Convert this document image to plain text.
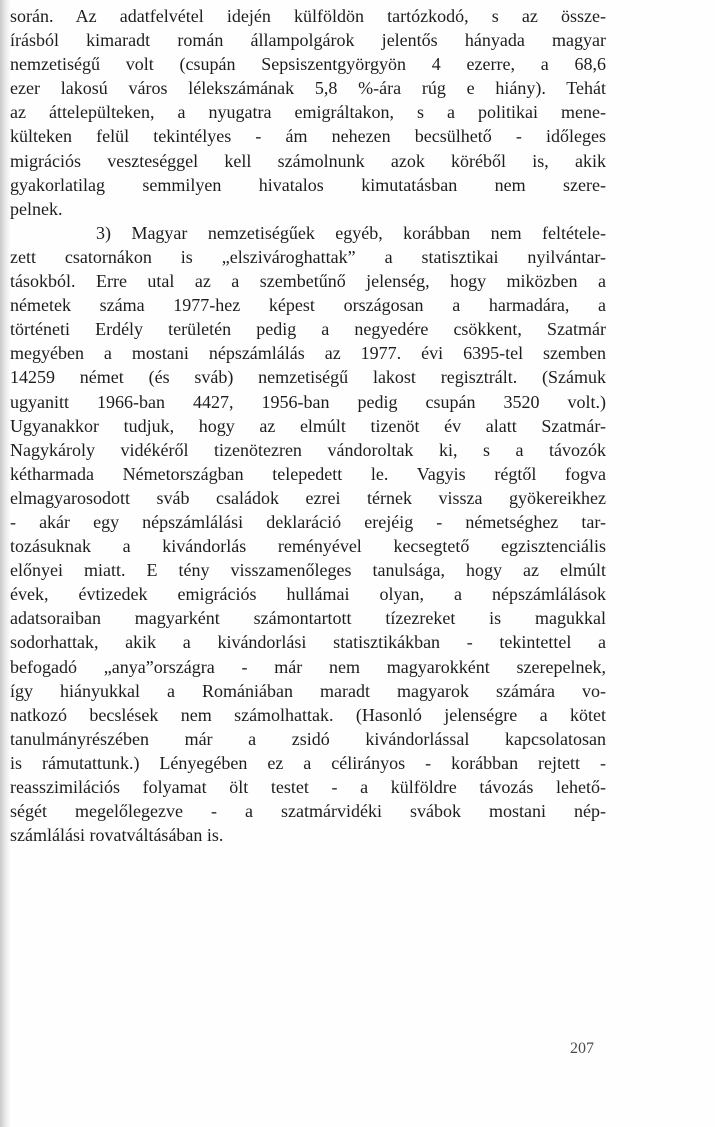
során. Az adatfelvétel idején külföldön tartózkodó, s az össze-
írásból kimaradt román állampolgárok jelentős hányada magyar
nemzetiségű volt (csupán Sepsiszentgyörgyön 4 ezerre, a 68,6
ezer lakosú város lélekszámának 5,8 %-ára rúg e hiány). Tehát
az áttelepülteken, a nyugatra emigráltakon, s a politikai mene-
külteken felül tekintélyes - ám nehezen becsülhető - időleges
migrációs veszteséggel kell számolnunk azok köréből is, akik
gyakorlatilag semmilyen hivatalos kimutatásban nem szere-
pelnek.
3) Magyar nemzetiségűek egyéb, korábban nem feltétele-
zett csatornákon is „elszivároghattak” a statisztikai nyilvántar-
tásokból. Erre utal az a szembetűnő jelenség, hogy miközben a
németek száma 1977-hez képest országosan a harmadára, a
történeti Erdély területén pedig a negyedére csökkent, Szatmár
megyében a mostani népszámlálás az 1977. évi 6395-tel szemben
14259 német (és sváb) nemzetiségű lakost regisztrált. (Számuk
ugyanitt 1966-ban 4427, 1956-ban pedig csupán 3520 volt.)
Ugyanakkor tudjuk, hogy az elmúlt tizenöt év alatt Szatmár-
Nagykároly vidékéről tizenötezren vándoroltak ki, s a távozók
kétharmada Németországban telepedett le. Vagyis régtől fogva
elmagyarosodott sváb családok ezrei térnek vissza gyökereikhez
- akár egy népszámlálási deklaráció erejéig - németséghez tar-
tozásuknak a kivándorlás reményével kecsegtető egzisztenciális
előnyei miatt. E tény visszamenőleges tanulsága, hogy az elmúlt
évek, évtizedek emigrációs hullámai olyan, a népszámlálások
adatsoraiban magyarként számontartott tízezreket is magukkal
sodorhattak, akik a kivándorlási statisztikákban - tekintettel a
befogadó „anya”országra - már nem magyarokként szerepelnek,
így hiányukkal a Romániában maradt magyarok számára vo-
natkozó becslések nem számolhattak. (Hasonló jelenségre a kötet
tanulmányrészében már a zsidó kivándorlással kapcsolatosan
is rámutattunk.) Lényegében ez a célirányos - korábban rejtett -
reasszimilációs folyamat ölt testet - a külföldre távozás lehető-
ségét megelőlegezve - a szatmárvidéki svábok mostani nép-
számlálási rovatváltásában is.
207
